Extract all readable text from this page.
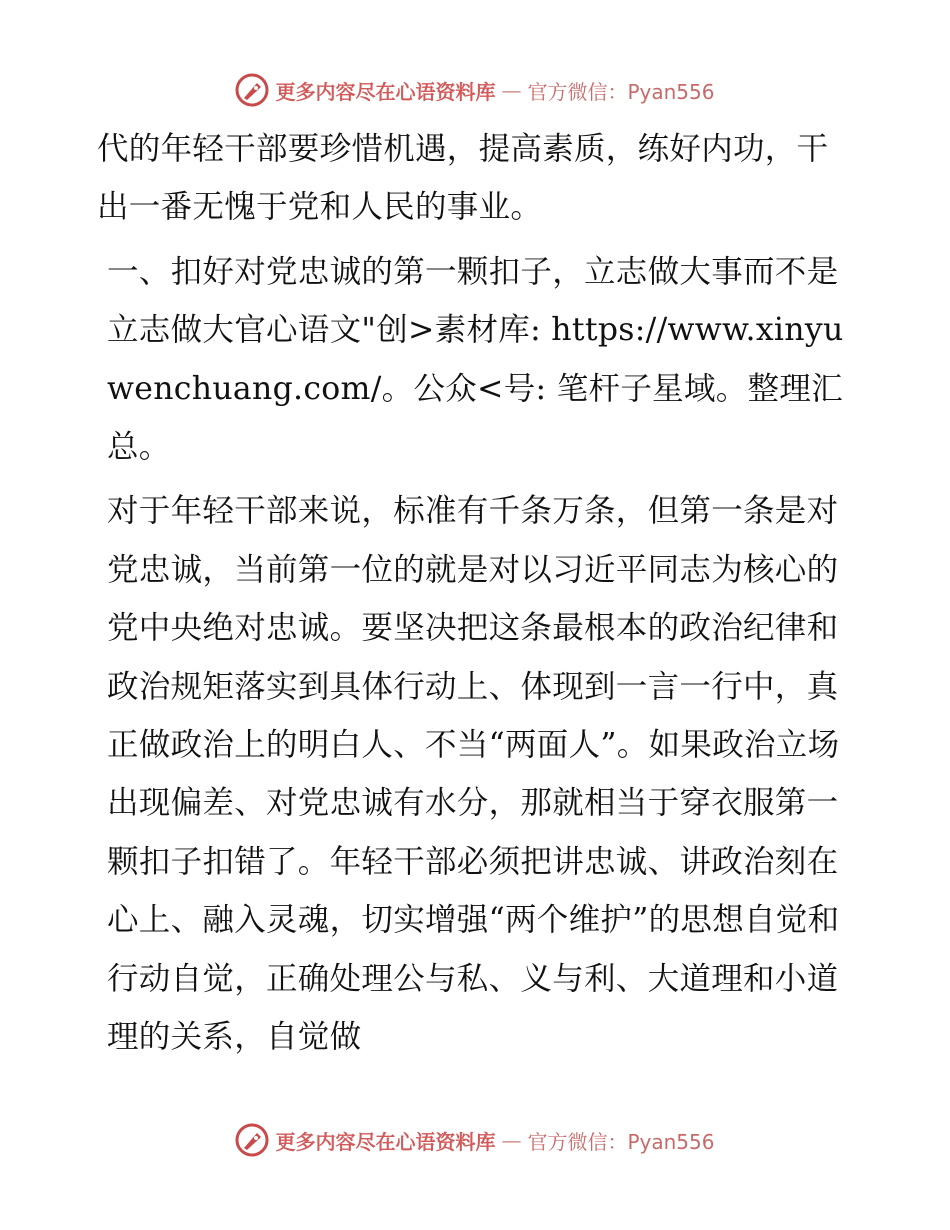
更多内容尽在心语资料库 — 官方微信：Pyan556

代的年轻干部要珍惜机遇，提高素质，练好内功，干出一番无愧于党和人民的事业。

一、扣好对党忠诚的第一颗扣子，立志做大事而不是立志做大官心语文"创>素材库: https://www.xinyuwenchuang.com/。公众<号: 笔杆子星域。整理汇总。

对于年轻干部来说，标准有千条万条，但第一条是对党忠诚，当前第一位的就是对以习近平同志为核心的党中央绝对忠诚。要坚决把这条最根本的政治纪律和政治规矩落实到具体行动上、体现到一言一行中，真正做政治上的明白人、不当“两面人”。如果政治立场出现偏差、对党忠诚有水分，那就相当于穿衣服第一颗扣子扣错了。年轻干部必须把讲忠诚、讲政治刻在心上、融入灵魂，切实增强“两个维护”的思想自觉和行动自觉，正确处理公与私、义与利、大道理和小道理的关系，自觉做

更多内容尽在心语资料库 — 官方微信：Pyan556
